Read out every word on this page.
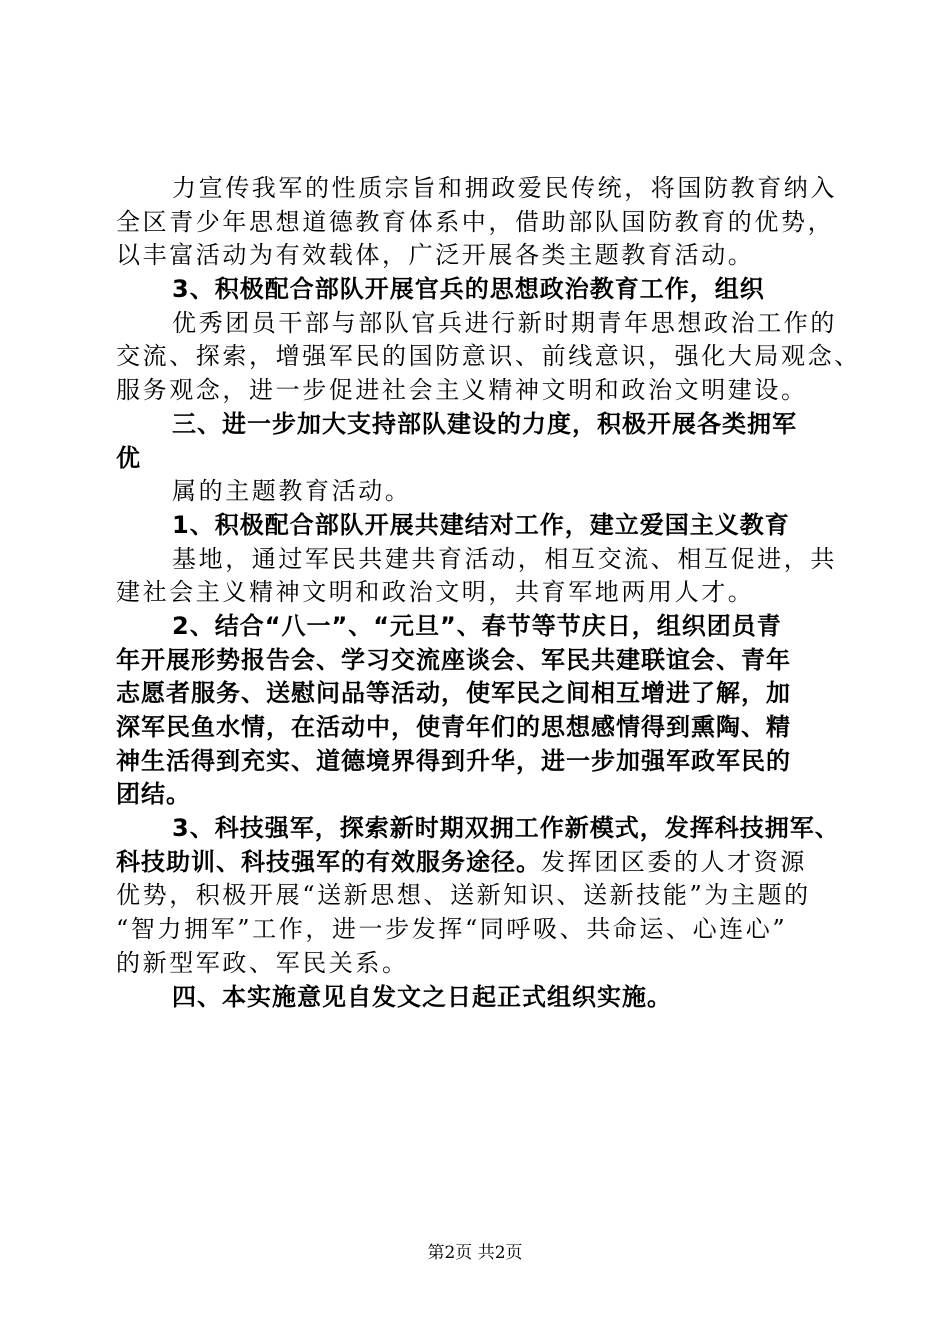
力宣传我军的性质宗旨和拥政爱民传统，将国防教育纳入
全区青少年思想道德教育体系中，借助部队国防教育的优势，
以丰富活动为有效载体，广泛开展各类主题教育活动。
3、积极配合部队开展官兵的思想政治教育工作，组织
优秀团员干部与部队官兵进行新时期青年思想政治工作的
交流、探索，增强军民的国防意识、前线意识，强化大局观念、
服务观念，进一步促进社会主义精神文明和政治文明建设。
三、进一步加大支持部队建设的力度，积极开展各类拥军
优
属的主题教育活动。
1、积极配合部队开展共建结对工作，建立爱国主义教育
基地，通过军民共建共育活动，相互交流、相互促进，共
建社会主义精神文明和政治文明，共育军地两用人才。
2、结合“八一”、“元旦”、春节等节庆日，组织团员青
年开展形势报告会、学习交流座谈会、军民共建联谊会、青年
志愿者服务、送慰问品等活动，使军民之间相互增进了解，加
深军民鱼水情，在活动中，使青年们的思想感情得到熏陶、精
神生活得到充实、道德境界得到升华，进一步加强军政军民的
团结。
3、科技强军，探索新时期双拥工作新模式，发挥科技拥军、
科技助训、科技强军的有效服务途径。发挥团区委的人才资源
优势，积极开展“送新思想、送新知识、送新技能”为主题的
“智力拥军”工作，进一步发挥“同呼吸、共命运、心连心”
的新型军政、军民关系。
四、本实施意见自发文之日起正式组织实施。
第2页 共2页
